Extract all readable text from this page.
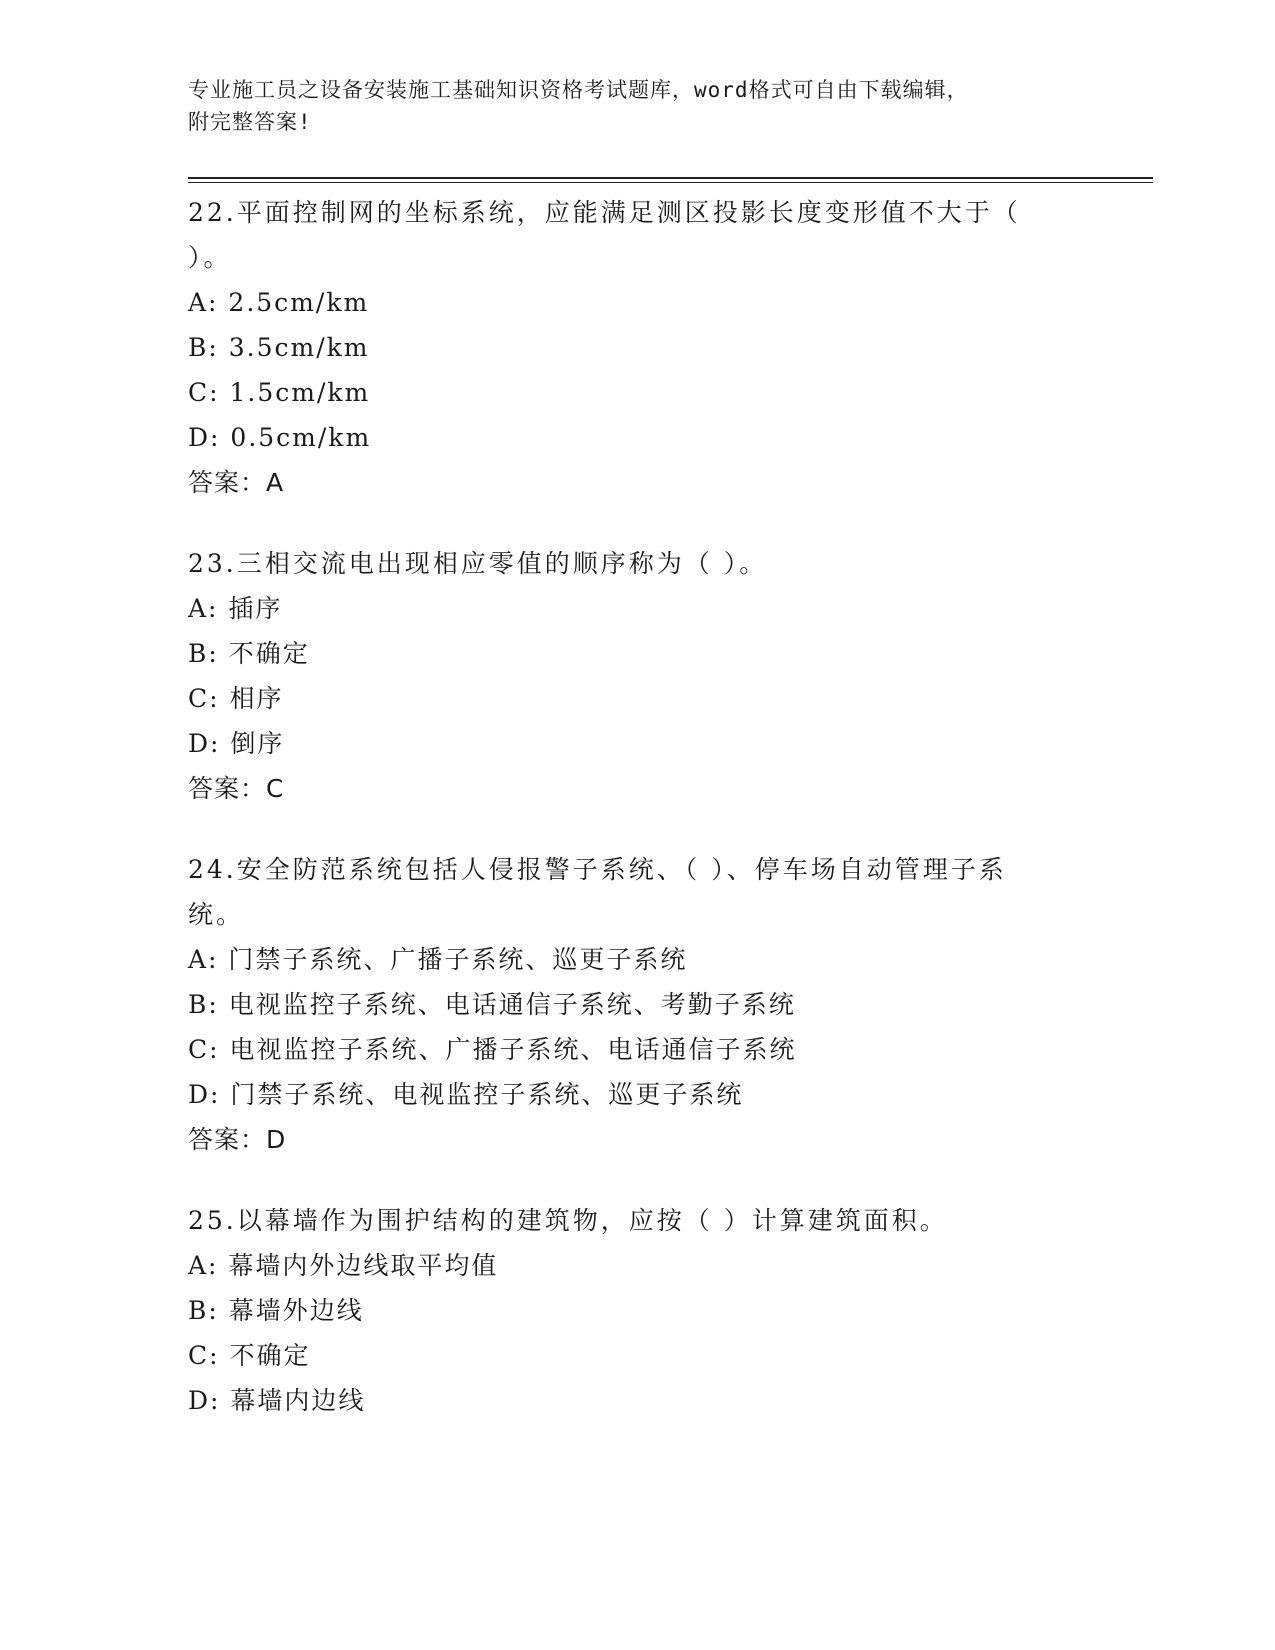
专业施工员之设备安装施工基础知识资格考试题库，word格式可自由下载编辑，
附完整答案!
22.平面控制网的坐标系统，应能满足测区投影长度变形值不大于（
）。
A: 2.5cm/km
B: 3.5cm/km
C: 1.5cm/km
D: 0.5cm/km
答案：A
23.三相交流电出现相应零值的顺序称为（ ）。
A: 插序
B: 不确定
C: 相序
D: 倒序
答案：C
24.安全防范系统包括人侵报警子系统、（ ）、停车场自动管理子系
统。
A: 门禁子系统、广播子系统、巡更子系统
B: 电视监控子系统、电话通信子系统、考勤子系统
C: 电视监控子系统、广播子系统、电话通信子系统
D: 门禁子系统、电视监控子系统、巡更子系统
答案：D
25.以幕墙作为围护结构的建筑物，应按（ ）计算建筑面积。
A: 幕墙内外边线取平均值
B: 幕墙外边线
C: 不确定
D: 幕墙内边线
